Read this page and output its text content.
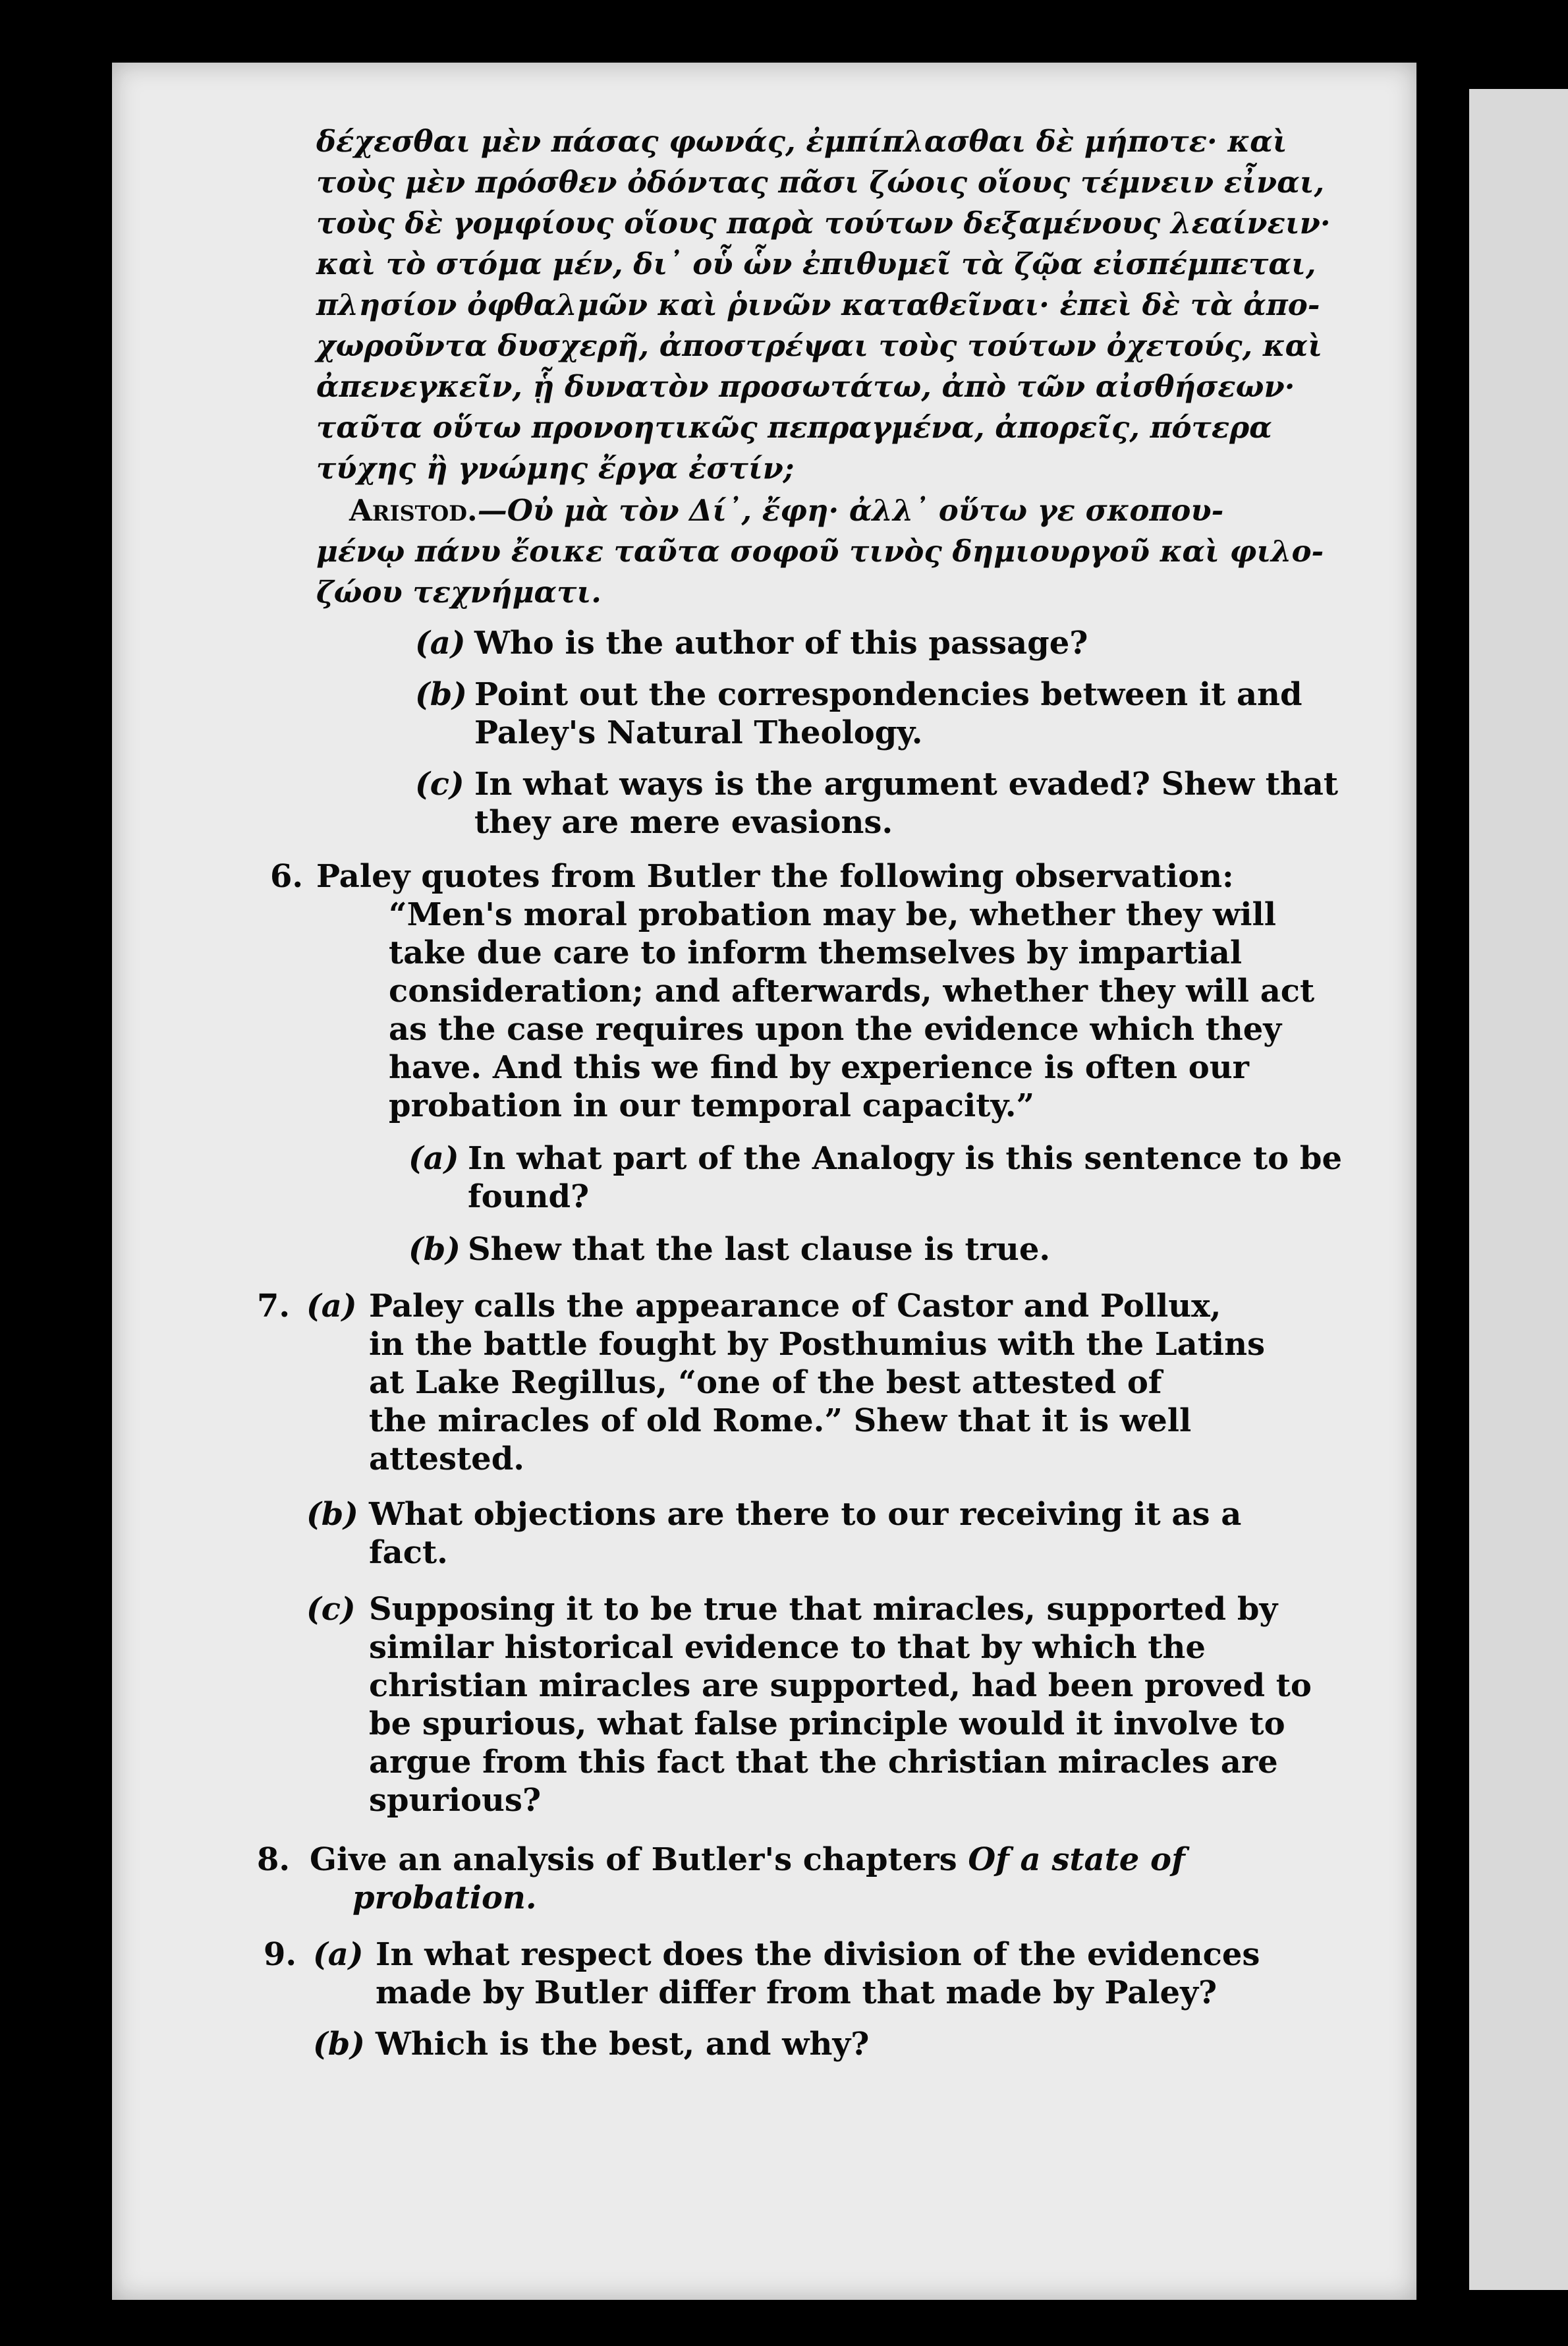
δέχεσθαι μὲν πάσας φωνάς, ἐμπίπλασθαι δὲ μήποτε· καὶ
τοὺς μὲν πρόσθεν ὀδόντας πᾶσι ζώοις οἵους τέμνειν εἶναι,
τοὺς δὲ γομφίους οἵους παρὰ τούτων δεξαμένους λεαίνειν·
καὶ τὸ στόμα μέν, δι᾽ οὗ ὧν ἐπιθυμεῖ τὰ ζῷα εἰσπέμπεται,
πλησίον ὀφθαλμῶν καὶ ῥινῶν καταθεῖναι· ἐπεὶ δὲ τὰ ἀπο-
χωροῦντα δυσχερῆ, ἀποστρέψαι τοὺς τούτων ὀχετούς, καὶ
ἀπενεγκεῖν, ᾗ δυνατὸν προσωτάτω, ἀπὸ τῶν αἰσθήσεων·
ταῦτα οὕτω προνοητικῶς πεπραγμένα, ἀπορεῖς, πότερα
τύχης ἢ γνώμης ἔργα ἐστίν;
Aristod.—Οὐ μὰ τὸν Δί᾽, ἔφη· ἀλλ᾽ οὕτω γε σκοπου-
μένῳ πάνυ ἔοικε ταῦτα σοφοῦ τινὸς δημιουργοῦ καὶ φιλο-
ζώου τεχνήματι.
(a) Who is the author of this passage?
(b) Point out the correspondencies between it and
Paley's Natural Theology.
(c) In what ways is the argument evaded? Shew that
they are mere evasions.
6. Paley quotes from Butler the following observation:
“Men's moral probation may be, whether they will
take due care to inform themselves by impartial
consideration; and afterwards, whether they will act
as the case requires upon the evidence which they
have. And this we find by experience is often our
probation in our temporal capacity.”
(a) In what part of the Analogy is this sentence to be
found?
(b) Shew that the last clause is true.
7. (a) Paley calls the appearance of Castor and Pollux,
in the battle fought by Posthumius with the Latins
at Lake Regillus, “one of the best attested of
the miracles of old Rome.” Shew that it is well
attested.
(b) What objections are there to our receiving it as a
fact.
(c) Supposing it to be true that miracles, supported by
similar historical evidence to that by which the
christian miracles are supported, had been proved to
be spurious, what false principle would it involve to
argue from this fact that the christian miracles are
spurious?
8. Give an analysis of Butler's chapters Of a state of
probation.
9. (a) In what respect does the division of the evidences
made by Butler differ from that made by Paley?
(b) Which is the best, and why?
